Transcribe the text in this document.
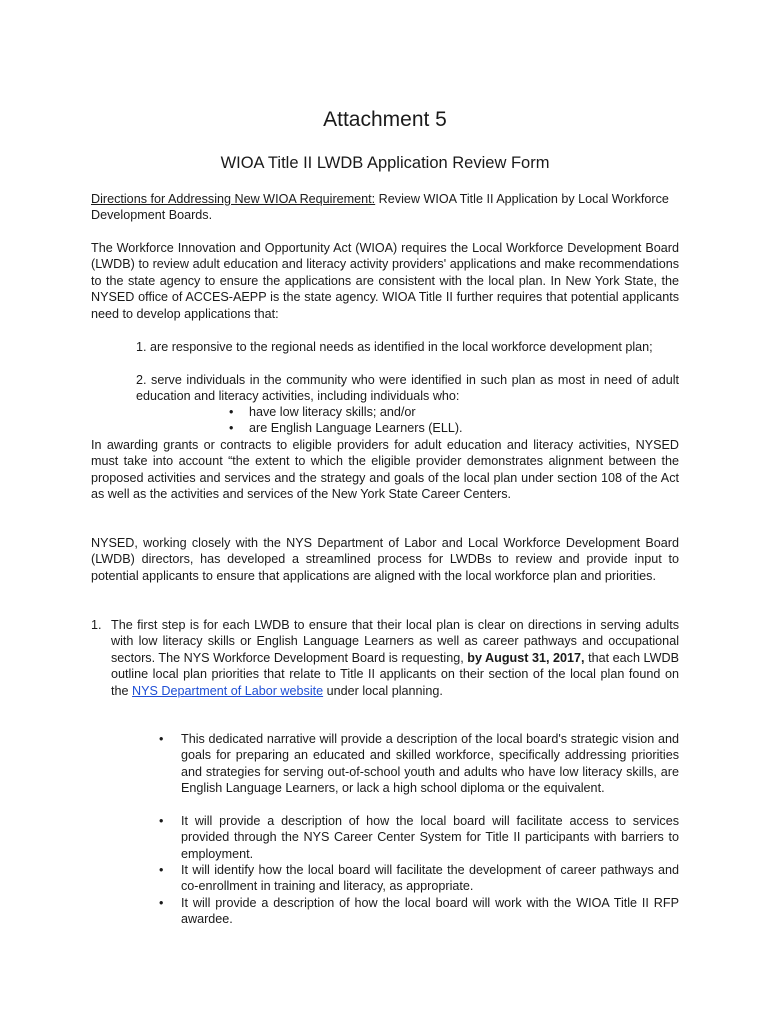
Attachment 5
WIOA Title II LWDB Application Review Form
Directions for Addressing New WIOA Requirement: Review WIOA Title II Application by Local Workforce Development Boards.
The Workforce Innovation and Opportunity Act (WIOA) requires the Local Workforce Development Board (LWDB) to review adult education and literacy activity providers' applications and make recommendations to the state agency to ensure the applications are consistent with the local plan. In New York State, the NYSED office of ACCES-AEPP is the state agency. WIOA Title II further requires that potential applicants need to develop applications that:
1. are responsive to the regional needs as identified in the local workforce development plan;
2. serve individuals in the community who were identified in such plan as most in need of adult education and literacy activities, including individuals who:
• have low literacy skills; and/or
• are English Language Learners (ELL).
In awarding grants or contracts to eligible providers for adult education and literacy activities, NYSED must take into account “the extent to which the eligible provider demonstrates alignment between the proposed activities and services and the strategy and goals of the local plan under section 108 of the Act as well as the activities and services of the New York State Career Centers.
NYSED, working closely with the NYS Department of Labor and Local Workforce Development Board (LWDB) directors, has developed a streamlined process for LWDBs to review and provide input to potential applicants to ensure that applications are aligned with the local workforce plan and priorities.
1. The first step is for each LWDB to ensure that their local plan is clear on directions in serving adults with low literacy skills or English Language Learners as well as career pathways and occupational sectors. The NYS Workforce Development Board is requesting, by August 31, 2017, that each LWDB outline local plan priorities that relate to Title II applicants on their section of the local plan found on the NYS Department of Labor website under local planning.
• This dedicated narrative will provide a description of the local board's strategic vision and goals for preparing an educated and skilled workforce, specifically addressing priorities and strategies for serving out-of-school youth and adults who have low literacy skills, are English Language Learners, or lack a high school diploma or the equivalent.
• It will provide a description of how the local board will facilitate access to services provided through the NYS Career Center System for Title II participants with barriers to employment.
• It will identify how the local board will facilitate the development of career pathways and co-enrollment in training and literacy, as appropriate.
• It will provide a description of how the local board will work with the WIOA Title II RFP awardee.
